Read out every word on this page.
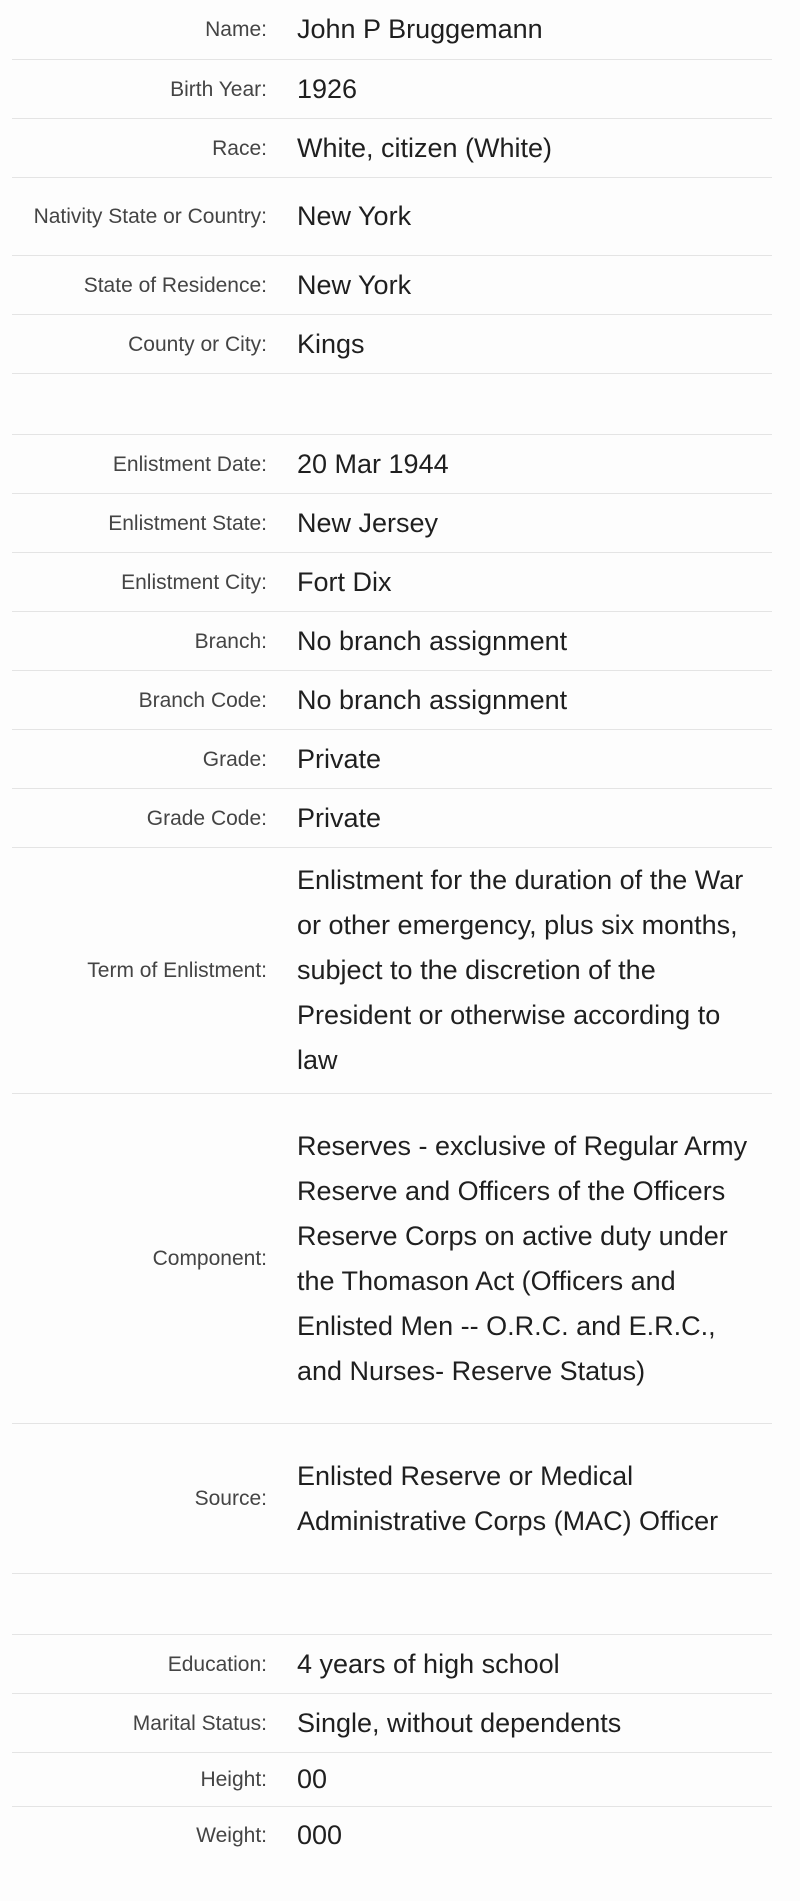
Name:	John P Bruggemann
Birth Year:	1926
Race:	White, citizen (White)
Nativity State or Country:	New York
State of Residence:	New York
County or City:	Kings
Enlistment Date:	20 Mar 1944
Enlistment State:	New Jersey
Enlistment City:	Fort Dix
Branch:	No branch assignment
Branch Code:	No branch assignment
Grade:	Private
Grade Code:	Private
Term of Enlistment:
Enlistment for the duration of the War or other emergency, plus six months, subject to the discretion of the President or otherwise according to law
Component:
Reserves - exclusive of Regular Army Reserve and Officers of the Officers Reserve Corps on active duty under the Thomason Act (Officers and Enlisted Men -- O.R.C. and E.R.C., and Nurses- Reserve Status)
Source:
Enlisted Reserve or Medical Administrative Corps (MAC) Officer
Education:	4 years of high school
Marital Status:	Single, without dependents
Height:	00
Weight:	000
